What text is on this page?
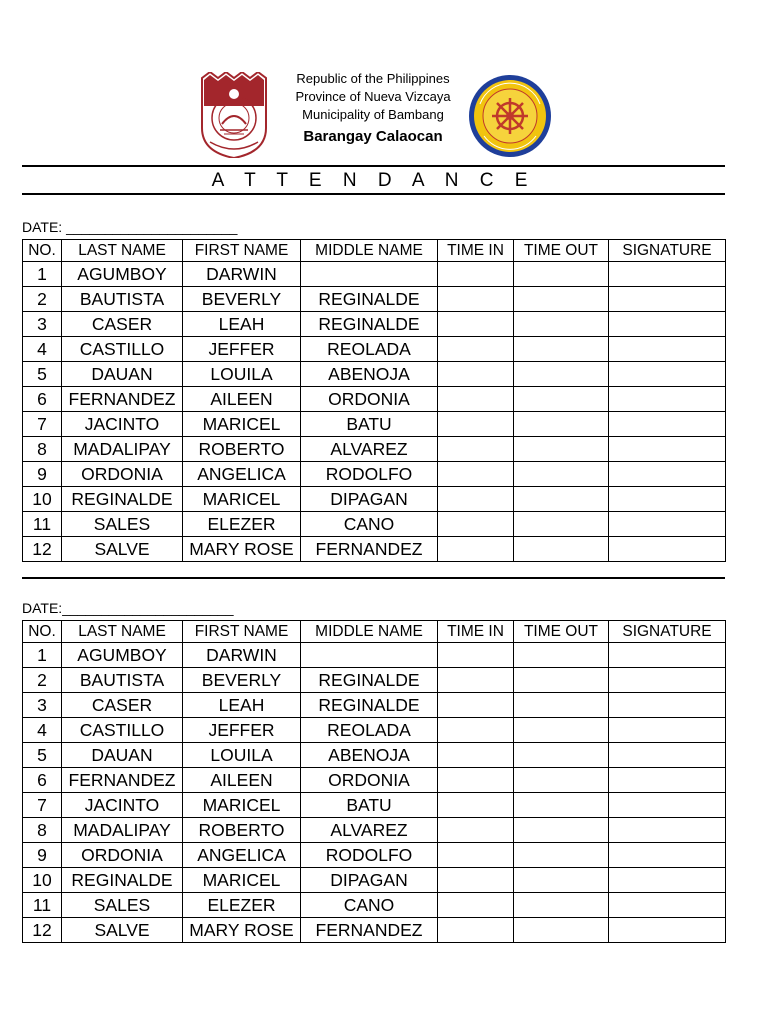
Republic of the Philippines
Province of Nueva Vizcaya
Municipality of Bambang
Barangay Calaocan
A T T E N D A N C E
DATE: ______________________
NO.	LAST NAME	FIRST NAME	MIDDLE NAME	TIME IN	TIME OUT	SIGNATURE
1	AGUMBOY	DARWIN				
2	BAUTISTA	BEVERLY	REGINALDE			
3	CASER	LEAH	REGINALDE			
4	CASTILLO	JEFFER	REOLADA			
5	DAUAN	LOUILA	ABENOJA			
6	FERNANDEZ	AILEEN	ORDONIA			
7	JACINTO	MARICEL	BATU			
8	MADALIPAY	ROBERTO	ALVAREZ			
9	ORDONIA	ANGELICA	RODOLFO			
10	REGINALDE	MARICEL	DIPAGAN			
11	SALES	ELEZER	CANO			
12	SALVE	MARY ROSE	FERNANDEZ			
DATE:______________________
NO.	LAST NAME	FIRST NAME	MIDDLE NAME	TIME IN	TIME OUT	SIGNATURE
1	AGUMBOY	DARWIN				
2	BAUTISTA	BEVERLY	REGINALDE			
3	CASER	LEAH	REGINALDE			
4	CASTILLO	JEFFER	REOLADA			
5	DAUAN	LOUILA	ABENOJA			
6	FERNANDEZ	AILEEN	ORDONIA			
7	JACINTO	MARICEL	BATU			
8	MADALIPAY	ROBERTO	ALVAREZ			
9	ORDONIA	ANGELICA	RODOLFO			
10	REGINALDE	MARICEL	DIPAGAN			
11	SALES	ELEZER	CANO			
12	SALVE	MARY ROSE	FERNANDEZ			
